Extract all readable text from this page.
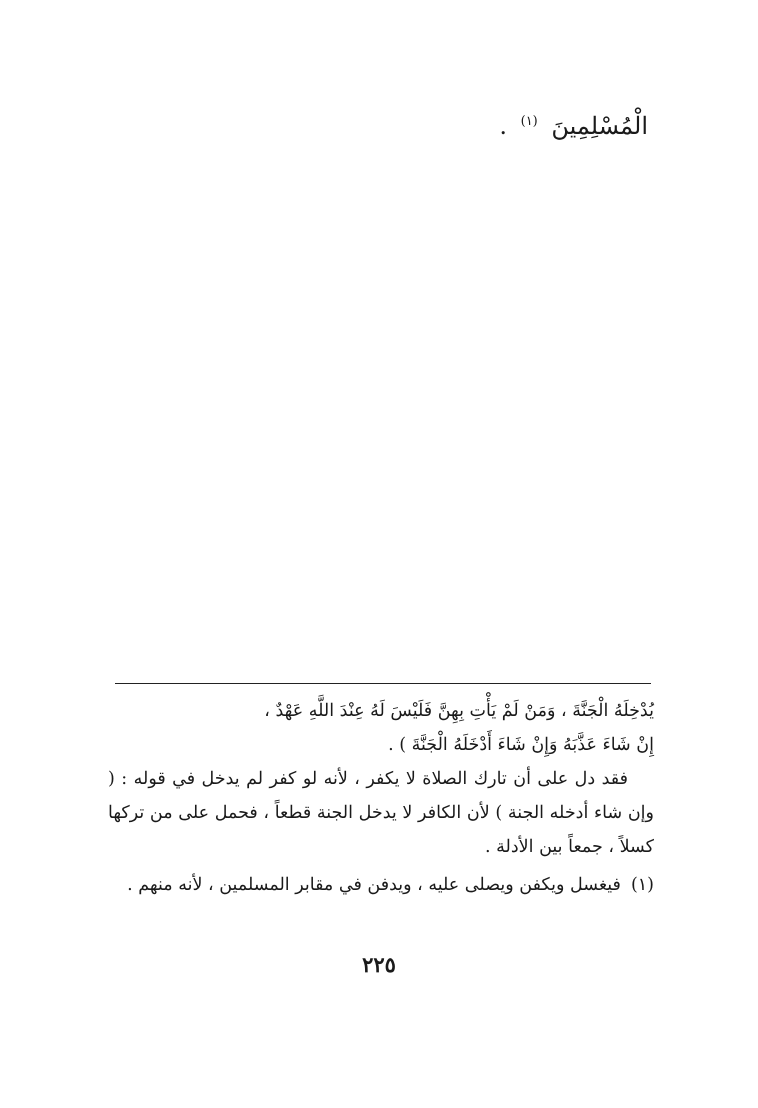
الْمُسْلِمِينَ $^{(١)}$ .

يُدْخِلَهُ الْجَنَّةَ ، وَمَنْ لَمْ يَأْتِ بِهِنَّ فَلَيْسَ لَهُ عِنْدَ اللَّهِ عَهْدٌ ،

إِنْ شَاءَ عَذَّبَهُ وَإِنْ شَاءَ أَدْخَلَهُ الْجَنَّةَ ) .

فقد دل على أن تارك الصلاة لا يكفر ، لأنه لو كفر لم يدخل في قوله : ( وإن شاء أدخله الجنة ) لأن الكافر لا يدخل الجنة قطعاً ، فحمل على من تركها كسلاً ، جمعاً بين الأدلة .

(١)فيغسل ويكفن ويصلى عليه ، ويدفن في مقابر المسلمين ، لأنه منهم .

٢٢٥
